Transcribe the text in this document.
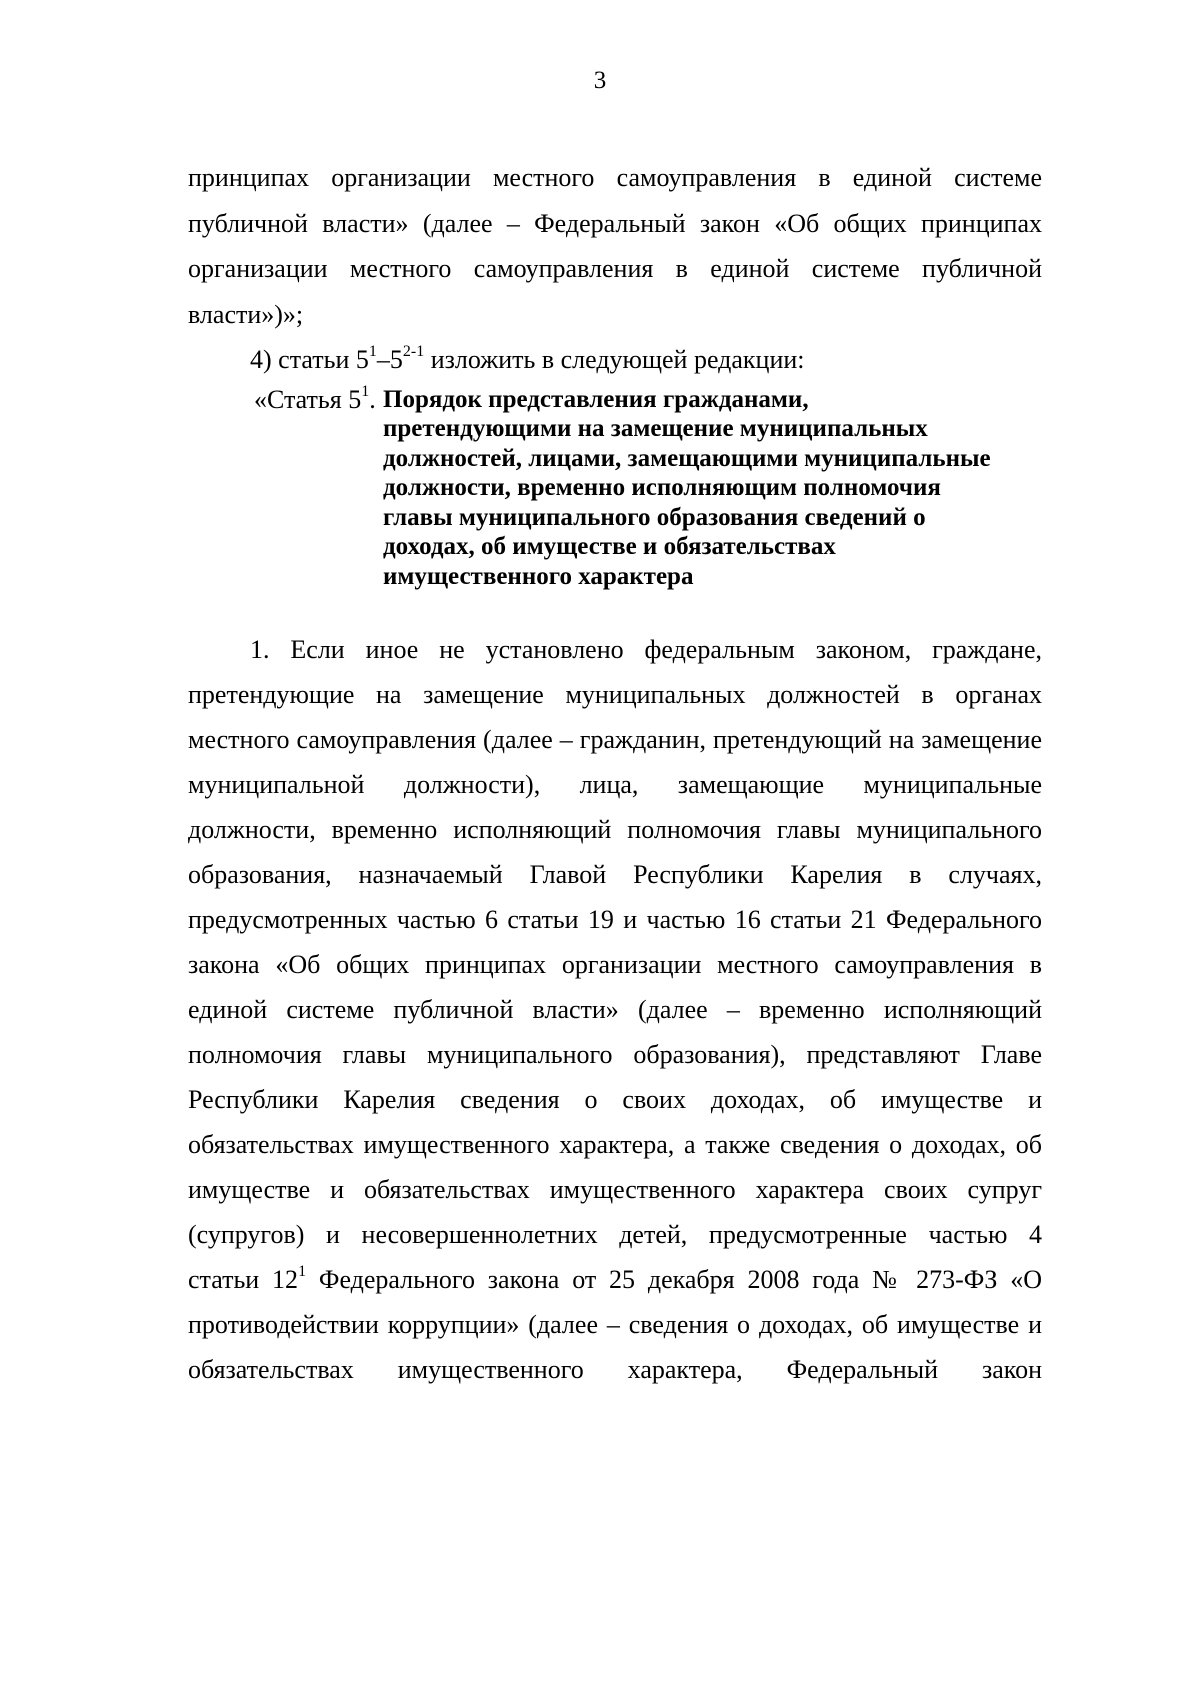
3

принципах организации местного самоуправления в единой системе

публичной власти» (далее – Федеральный закон «Об общих принципах

организации местного самоуправления в единой системе публичной

власти»)»;

4) статьи $5^1-5^{2-1}$ изложить в следующей редакции:

«Статья $5^1$. Порядок представления гражданами,
претендующими на замещение муниципальных
должностей, лицами, замещающими муниципальные
должности, временно исполняющим полномочия
главы муниципального образования сведений о
доходах, об имуществе и обязательствах
имущественного характера

1. Если иное не установлено федеральным законом, граждане,

претендующие на замещение муниципальных должностей в органах

местного самоуправления (далее – гражданин, претендующий на замещение

муниципальной должности), лица, замещающие муниципальные

должности, временно исполняющий полномочия главы муниципального

образования, назначаемый Главой Республики Карелия в случаях,

предусмотренных частью 6 статьи 19 и частью 16 статьи 21 Федерального

закона «Об общих принципах организации местного самоуправления в

единой системе публичной власти» (далее – временно исполняющий

полномочия главы муниципального образования), представляют Главе

Республики Карелия сведения о своих доходах, об имуществе и

обязательствах имущественного характера, а также сведения о доходах, об

имуществе и обязательствах имущественного характера своих супруг

(супругов) и несовершеннолетних детей, предусмотренные частью 4

статьи $12^1$ Федерального закона от 25 декабря 2008 года № 273-ФЗ «О

противодействии коррупции» (далее – сведения о доходах, об имуществе и

обязательствах имущественного характера, Федеральный закон
